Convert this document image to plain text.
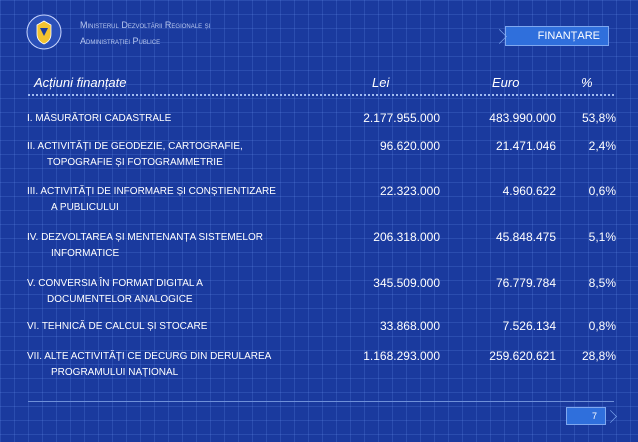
Ministerul Dezvoltării Regionale și
Administrației Publice	FINANȚARE
Acțiuni finanțate	Lei	Euro	%
I. MĂSURĂTORI CADASTRALE	2.177.955.000	483.990.000	53,8%
II. ACTIVITĂȚI DE GEODEZIE, CARTOGRAFIE,
TOPOGRAFIE ȘI FOTOGRAMMETRIE
96.620.000	21.471.046	2,4%
III. ACTIVITĂȚI DE INFORMARE ȘI CONȘTIENTIZARE
A PUBLICULUI
22.323.000	4.960.622	0,6%
IV. DEZVOLTAREA ȘI MENTENANȚA SISTEMELOR
INFORMATICE
206.318.000	45.848.475	5,1%
V. CONVERSIA ÎN FORMAT DIGITAL A
DOCUMENTELOR ANALOGICE
345.509.000	76.779.784	8,5%
VI. TEHNICĂ DE CALCUL ȘI STOCARE	33.868.000	7.526.134	0,8%
VII. ALTE ACTIVITĂȚI CE DECURG DIN DERULAREA
PROGRAMULUI NAȚIONAL
1.168.293.000	259.620.621	28,8%
7
